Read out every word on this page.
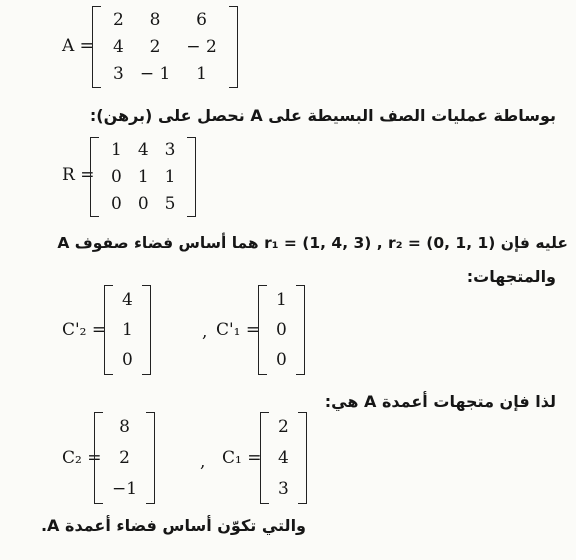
A =
2	8	6
4	2	− 2
3	− 1	1
بوساطة عمليات الصف البسيطة على A نحصل على (برهن):
R =
1	4	3
0	1	1
0	0	5
عليه فإن r₁ = (1, 4, 3) , r₂ = (0, 1, 1) هما أساس فضاء صفوف A
والمتجهات:
C'₂ =
4
1
0
, C'₁ =
1
0
0
لذا فإن متجهات أعمدة A هي:
C₂ =
8
2
−1
, C₁ =
2
4
3
والتي تكوّن أساس فضاء أعمدة A.
